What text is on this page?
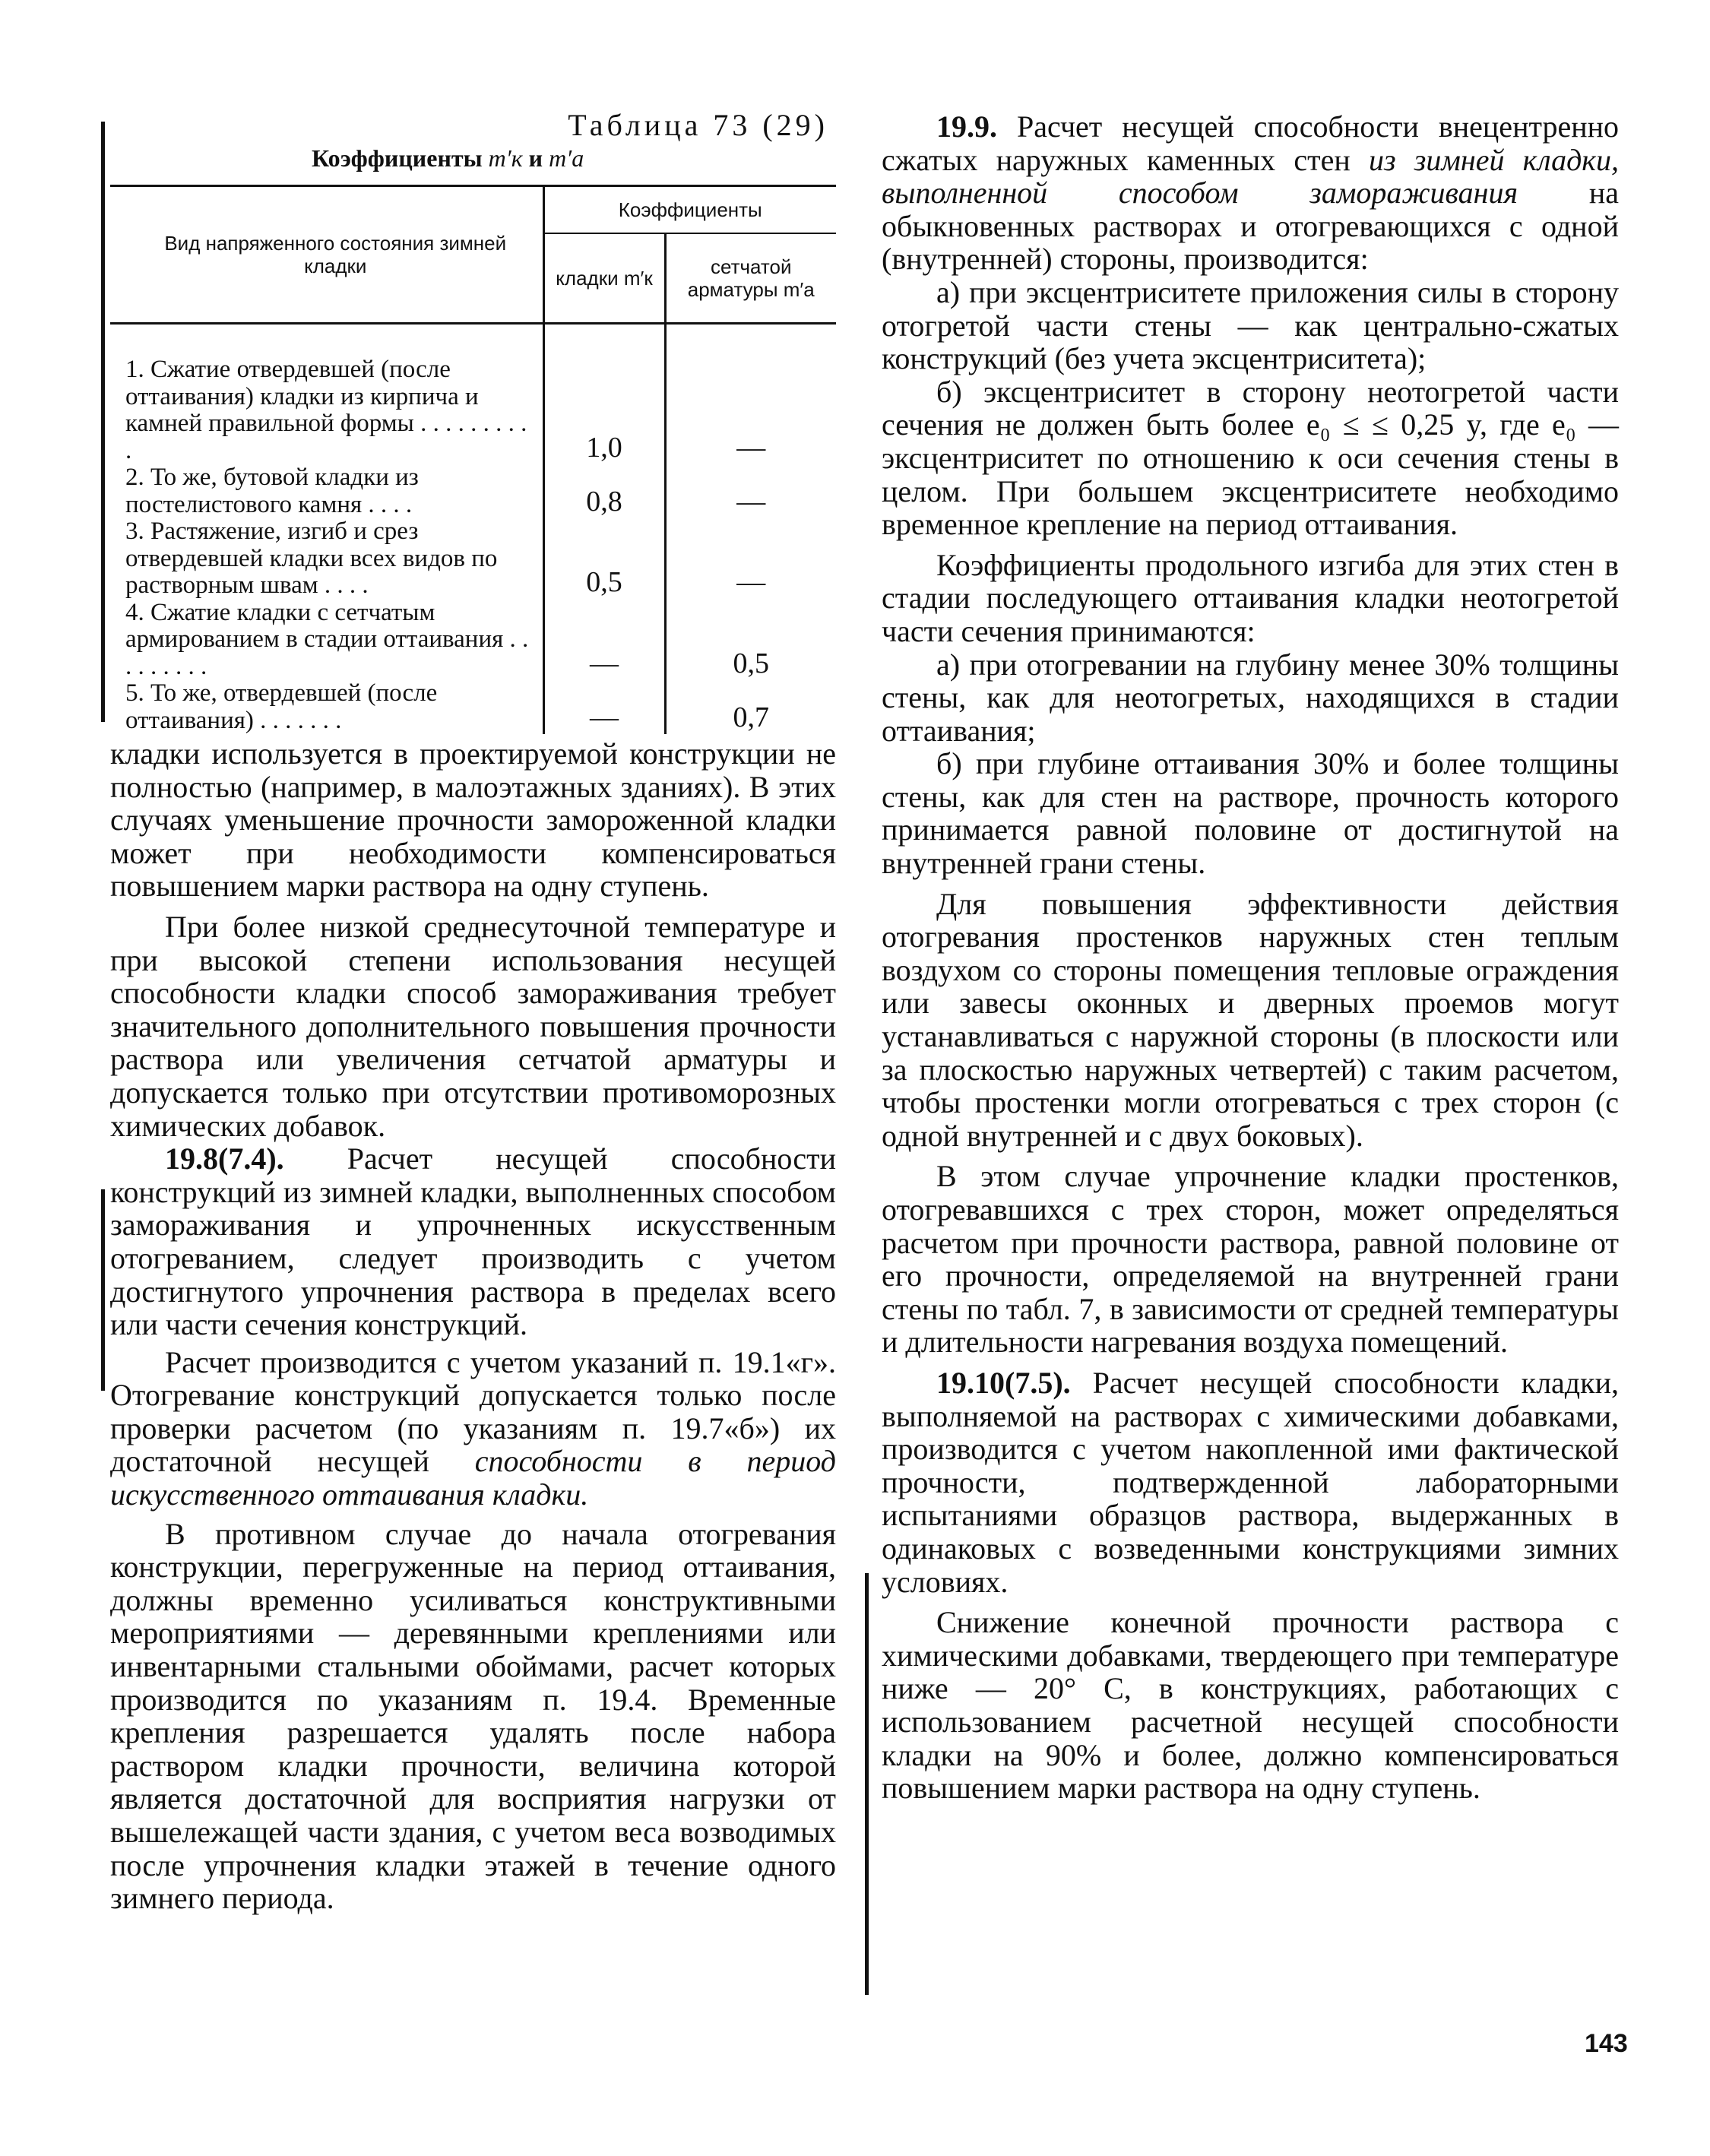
Таблица 73 (29)
Коэффициенты m′к и m′а
Вид напряженного состояния зимней кладки	Коэффициенты	
	кладки m′к	сетчатой арматуры m′а
1. Сжатие отвердевшей (после оттаивания) кладки из кирпича и камней правильной формы . . . . . . . . . .	1,0	—
2. То же, бутовой кладки из постелистового камня . . . .	0,8	—
3. Растяжение, изгиб и срез отвердевшей кладки всех видов по растворным швам . . . .	0,5	—
4. Сжатие кладки с сетчатым армированием в стадии оттаивания . . . . . . . . .	—	0,5
5. То же, отвердевшей (после оттаивания) . . . . . . .	—	0,7

кладки используется в проектируемой конструкции не полностью (например, в малоэтажных зданиях). В этих случаях уменьшение прочности замороженной кладки может при необходимости компенсироваться повышением марки раствора на одну ступень.

При более низкой среднесуточной температуре и при высокой степени использования несущей способности кладки способ замораживания требует значительного дополнительного повышения прочности раствора или увеличения сетчатой арматуры и допускается только при отсутствии противоморозных химических добавок.

19.8(7.4). Расчет несущей способности конструкций из зимней кладки, выполненных способом замораживания и упрочненных искусственным отогреванием, следует производить с учетом достигнутого упрочнения раствора в пределах всего или части сечения конструкций.

Расчет производится с учетом указаний п. 19.1«г». Отогревание конструкций допускается только после проверки расчетом (по указаниям п. 19.7«б») их достаточной несущей способности в период искусственного оттаивания кладки.

В противном случае до начала отогревания конструкции, перегруженные на период оттаивания, должны временно усиливаться конструктивными мероприятиями — деревянными креплениями или инвентарными стальными обоймами, расчет которых производится по указаниям п. 19.4. Временные крепления разрешается удалять после набора раствором кладки прочности, величина которой является достаточной для восприятия нагрузки от вышележащей части здания, с учетом веса возводимых после упрочнения кладки этажей в течение одного зимнего периода.

19.9. Расчет несущей способности внецентренно сжатых наружных каменных стен из зимней кладки, выполненной способом замораживания на обыкновенных растворах и отогревающихся с одной (внутренней) стороны, производится:

а) при эксцентриситете приложения силы в сторону отогретой части стены — как центрально-сжатых конструкций (без учета эксцентриситета);

б) эксцентриситет в сторону неотогретой части сечения не должен быть более e₀ ≤ ≤ 0,25 y, где e₀ — эксцентриситет по отношению к оси сечения стены в целом. При большем эксцентриситете необходимо временное крепление на период оттаивания.

Коэффициенты продольного изгиба для этих стен в стадии последующего оттаивания кладки неотогретой части сечения принимаются:

а) при отогревании на глубину менее 30% толщины стены, как для неотогретых, находящихся в стадии оттаивания;

б) при глубине оттаивания 30% и более толщины стены, как для стен на растворе, прочность которого принимается равной половине от достигнутой на внутренней грани стены.

Для повышения эффективности действия отогревания простенков наружных стен теплым воздухом со стороны помещения тепловые ограждения или завесы оконных и дверных проемов могут устанавливаться с наружной стороны (в плоскости или за плоскостью наружных четвертей) с таким расчетом, чтобы простенки могли отогреваться с трех сторон (с одной внутренней и с двух боковых).

В этом случае упрочнение кладки простенков, отогревавшихся с трех сторон, может определяться расчетом при прочности раствора, равной половине от его прочности, определяемой на внутренней грани стены по табл. 7, в зависимости от средней температуры и длительности нагревания воздуха помещений.

19.10(7.5). Расчет несущей способности кладки, выполняемой на растворах с химическими добавками, производится с учетом накопленной ими фактической прочности, подтвержденной лабораторными испытаниями образцов раствора, выдержанных в одинаковых с возведенными конструкциями зимних условиях.

Снижение конечной прочности раствора с химическими добавками, твердеющего при температуре ниже — 20° С, в конструкциях, работающих с использованием расчетной несущей способности кладки на 90% и более, должно компенсироваться повышением марки раствора на одну ступень.

143
